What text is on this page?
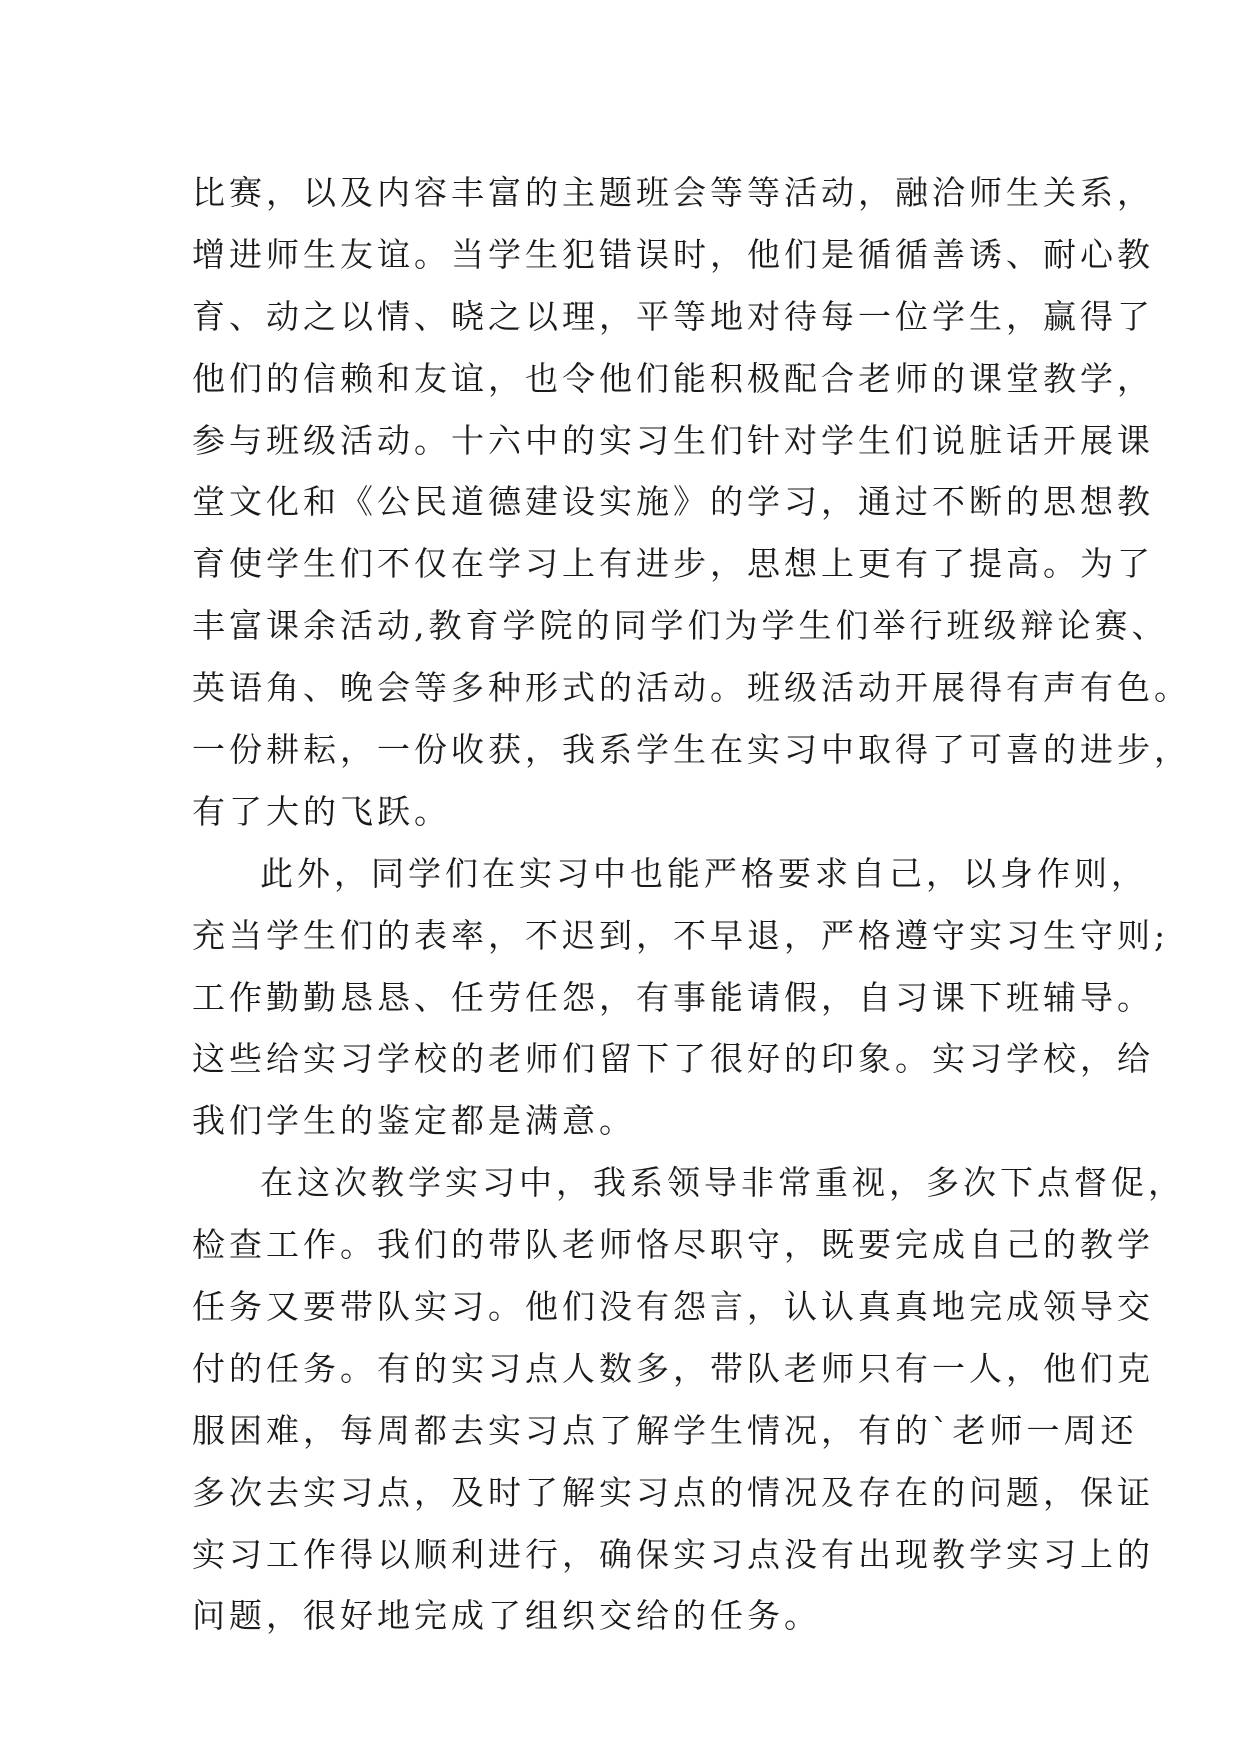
比赛，以及内容丰富的主题班会等等活动，融洽师生关系，
增进师生友谊。当学生犯错误时，他们是循循善诱、耐心教
育、动之以情、晓之以理，平等地对待每一位学生，赢得了
他们的信赖和友谊，也令他们能积极配合老师的课堂教学，
参与班级活动。十六中的实习生们针对学生们说脏话开展课
堂文化和《公民道德建设实施》的学习，通过不断的思想教
育使学生们不仅在学习上有进步，思想上更有了提高。为了
丰富课余活动,教育学院的同学们为学生们举行班级辩论赛、
英语角、晚会等多种形式的活动。班级活动开展得有声有色。
一份耕耘，一份收获，我系学生在实习中取得了可喜的进步，
有了大的飞跃。
此外，同学们在实习中也能严格要求自己，以身作则，
充当学生们的表率，不迟到，不早退，严格遵守实习生守则;
工作勤勤恳恳、任劳任怨，有事能请假，自习课下班辅导。
这些给实习学校的老师们留下了很好的印象。实习学校，给
我们学生的鉴定都是满意。
在这次教学实习中，我系领导非常重视，多次下点督促，
检查工作。我们的带队老师恪尽职守，既要完成自己的教学
任务又要带队实习。他们没有怨言，认认真真地完成领导交
付的任务。有的实习点人数多，带队老师只有一人，他们克
服困难，每周都去实习点了解学生情况，有的`老师一周还
多次去实习点，及时了解实习点的情况及存在的问题，保证
实习工作得以顺利进行，确保实习点没有出现教学实习上的
问题，很好地完成了组织交给的任务。
